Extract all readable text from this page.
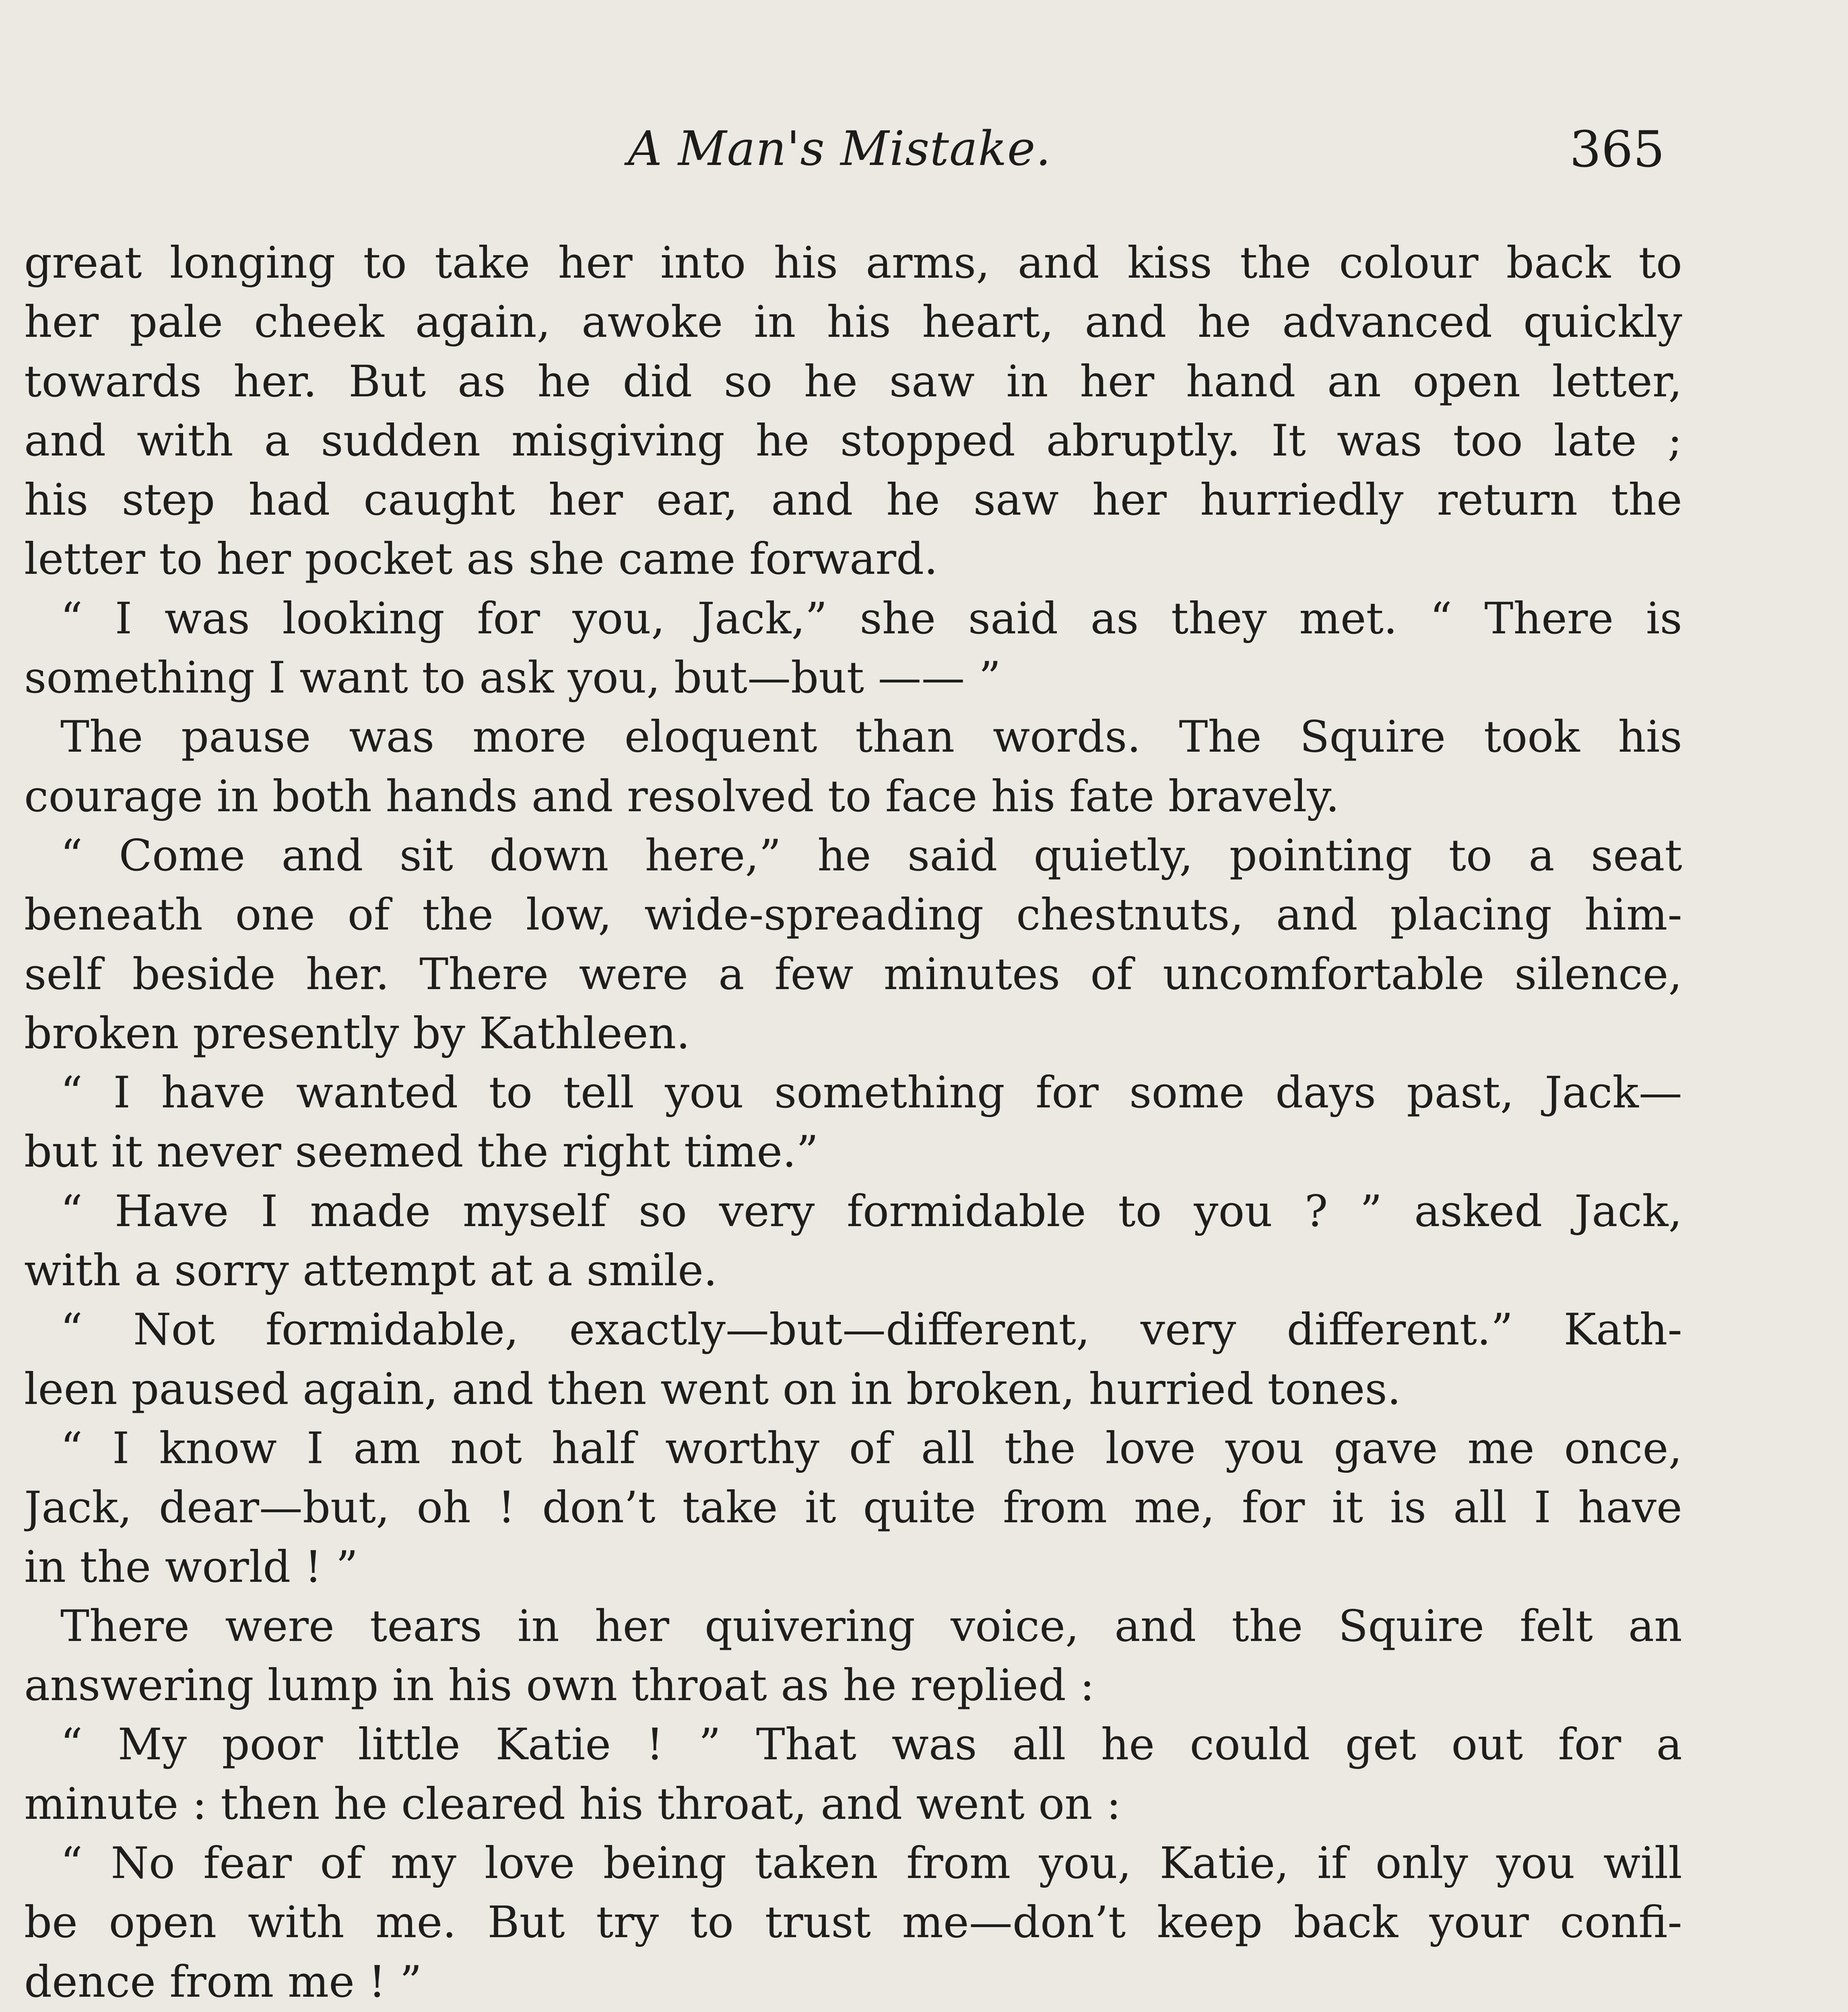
A Man's Mistake.	365
great longing to take her into his arms, and kiss the colour back to
her pale cheek again, awoke in his heart, and he advanced quickly
towards her. But as he did so he saw in her hand an open letter,
and with a sudden misgiving he stopped abruptly. It was too late ;
his step had caught her ear, and he saw her hurriedly return the
letter to her pocket as she came forward.
“ I was looking for you, Jack,” she said as they met. “ There is
something I want to ask you, but—but —— ”
The pause was more eloquent than words. The Squire took his
courage in both hands and resolved to face his fate bravely.
“ Come and sit down here,” he said quietly, pointing to a seat
beneath one of the low, wide-spreading chestnuts, and placing him-
self beside her. There were a few minutes of uncomfortable silence,
broken presently by Kathleen.
“ I have wanted to tell you something for some days past, Jack—
but it never seemed the right time.”
“ Have I made myself so very formidable to you ? ” asked Jack,
with a sorry attempt at a smile.
“ Not formidable, exactly—but—different, very different.” Kath-
leen paused again, and then went on in broken, hurried tones.
“ I know I am not half worthy of all the love you gave me once,
Jack, dear—but, oh ! don’t take it quite from me, for it is all I have
in the world ! ”
There were tears in her quivering voice, and the Squire felt an
answering lump in his own throat as he replied :
“ My poor little Katie ! ” That was all he could get out for a
minute : then he cleared his throat, and went on :
“ No fear of my love being taken from you, Katie, if only you will
be open with me. But try to trust me—don’t keep back your confi-
dence from me ! ”
